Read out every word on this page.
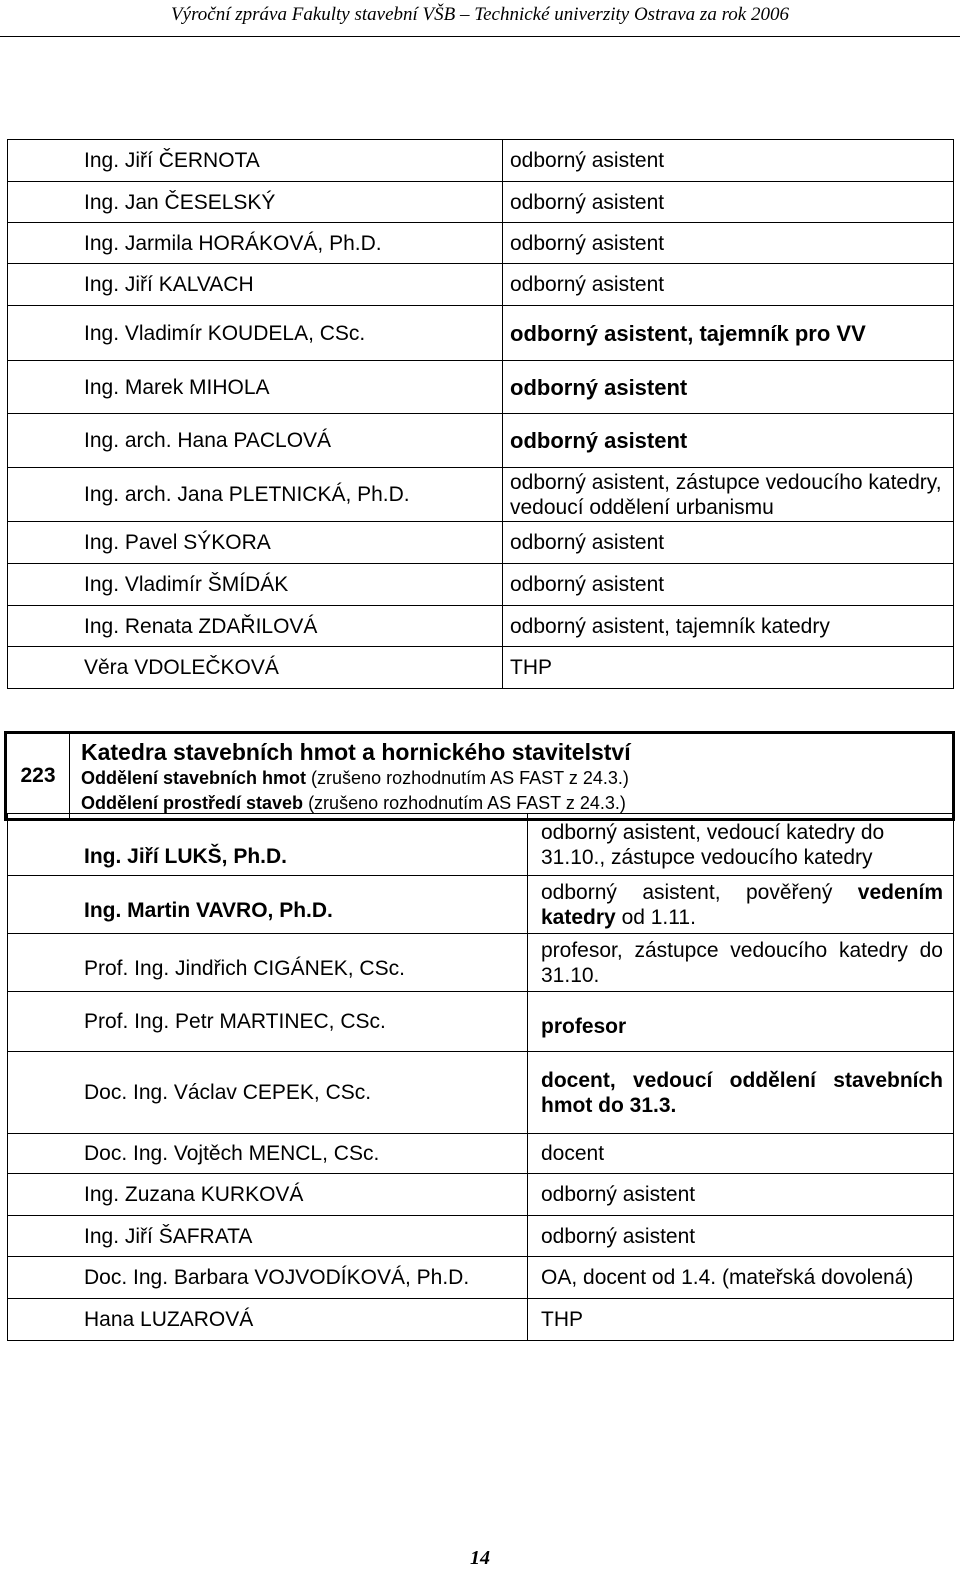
Výroční zpráva Fakulty stavební VŠB – Technické univerzity Ostrava za rok 2006
Ing. Jiří ČERNOTA	odborný asistent
Ing. Jan ČESELSKÝ	odborný asistent
Ing. Jarmila HORÁKOVÁ, Ph.D.	odborný asistent
Ing. Jiří KALVACH	odborný asistent
Ing. Vladimír KOUDELA, CSc.	odborný asistent, tajemník pro VV
Ing. Marek MIHOLA	odborný asistent
Ing. arch. Hana PACLOVÁ	odborný asistent
Ing. arch. Jana PLETNICKÁ, Ph.D.	odborný asistent, zástupce vedoucího katedry, vedoucí oddělení urbanismu
Ing. Pavel SÝKORA	odborný asistent
Ing. Vladimír ŠMÍDÁK	odborný asistent
Ing. Renata ZDAŘILOVÁ	odborný asistent, tajemník katedry
Věra VDOLEČKOVÁ	THP
223
Katedra stavebních hmot a hornického stavitelství
Oddělení stavebních hmot (zrušeno rozhodnutím AS FAST z 24.3.)
Oddělení prostředí staveb (zrušeno rozhodnutím AS FAST z 24.3.)
Ing. Jiří LUKŠ, Ph.D.	odborný asistent, vedoucí katedry do 31.10., zástupce vedoucího katedry
Ing. Martin VAVRO, Ph.D.	odborný asistent, pověřený vedením katedry od 1.11.
Prof. Ing. Jindřich CIGÁNEK, CSc.	profesor, zástupce vedoucího katedry do 31.10.
Prof. Ing. Petr MARTINEC, CSc.	profesor
Doc. Ing. Václav CEPEK, CSc.	docent, vedoucí oddělení stavebních hmot do 31.3.
Doc. Ing. Vojtěch MENCL, CSc.	docent
Ing. Zuzana KURKOVÁ	odborný asistent
Ing. Jiří ŠAFRATA	odborný asistent
Doc. Ing. Barbara VOJVODÍKOVÁ, Ph.D.	OA, docent od 1.4. (mateřská dovolená)
Hana LUZAROVÁ	THP
14
